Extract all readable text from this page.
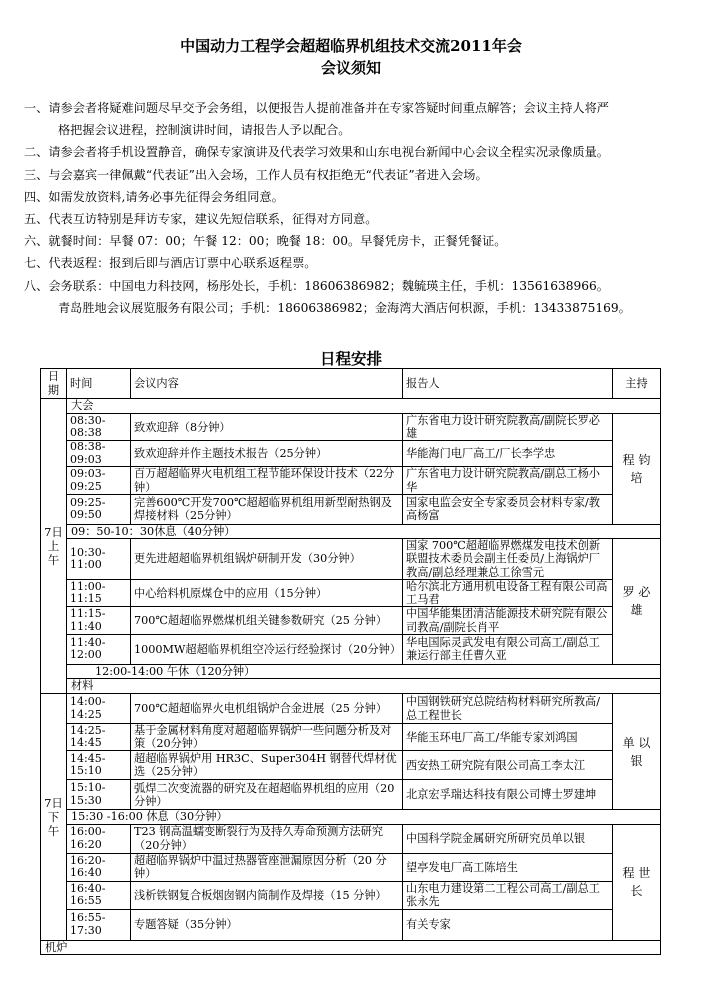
中国动力工程学会超超临界机组技术交流2011年会
会议须知
一、请参会者将疑难问题尽早交予会务组，以便报告人提前准备并在专家答疑时间重点解答；会议主持人将严
格把握会议进程，控制演讲时间，请报告人予以配合。
二、请参会者将手机设置静音，确保专家演讲及代表学习效果和山东电视台新闻中心会议全程实况录像质量。
三、与会嘉宾一律佩戴“代表证”出入会场，工作人员有权拒绝无“代表证”者进入会场。
四、如需发放资料,请务必事先征得会务组同意。
五、代表互访特别是拜访专家，建议先短信联系，征得对方同意。
六、就餐时间：早餐 07：00；午餐 12：00；晚餐 18：00。早餐凭房卡，正餐凭餐证。
七、代表返程：报到后即与酒店订票中心联系返程票。
八、会务联系：中国电力科技网，杨彤处长，手机：18606386982；魏毓瑛主任，手机：13561638966。
青岛胜地会议展览服务有限公司；手机：18606386982；金海湾大酒店何枳源，手机：13433875169。
日程安排
日期	时间	会议内容	报告人	主持
7日上午	大会			
	08:30-08:38	致欢迎辞（8分钟）	广东省电力设计研究院教高/副院长罗必雄	程 钧培
	08:38-09:03	致欢迎辞并作主题技术报告（25分钟）	华能海门电厂高工/厂长李学忠	
	09:03-09:25	百万超超临界火电机组工程节能环保设计技术（22分钟）	广东省电力设计研究院教高/副总工杨小华	
	09:25-09:50	完善600℃开发700℃超超临界机组用新型耐热钢及焊接材料（25分钟）	国家电监会安全专家委员会材料专家/教高杨富	
	09：50-10：30休息（40分钟）			
	10:30-11:00	更先进超超临界机组锅炉研制开发（30分钟）	国家 700℃超超临界燃煤发电技术创新联盟技术委员会副主任委员/上海锅炉厂教高/副总经理兼总工徐雪元	罗 必雄
	11:00-11:15	中心给料机原煤仓中的应用（15分钟）	哈尔滨北方通用机电设备工程有限公司高工马君	
	11:15-11:40	700℃超超临界燃煤机组关键参数研究（25 分钟）	中国华能集团清洁能源技术研究院有限公司教高/副院长肖平	
	11:40-12:00	1000MW超超临界机组空冷运行经验探讨（20分钟）	华电国际灵武发电有限公司高工/副总工兼运行部主任曹久亚	
	12:00-14:00 午休（120分钟）			
	材料			
7日下午	14:00-14:25	700℃超超临界火电机组锅炉合金进展（25 分钟）	中国钢铁研究总院结构材料研究所教高/总工程世长	单 以银
	14:25-14:45	基于金属材料角度对超超临界锅炉一些问题分析及对策（20分钟）	华能玉环电厂高工/华能专家刘鸿国	
	14:45-15:10	超超临界锅炉用 HR3C、Super304H 钢替代焊材优选（25分钟）	西安热工研究院有限公司高工李太江	
	15:10-15:30	弧焊二次变流器的研究及在超超临界机组的应用（20分钟）	北京宏孚瑞达科技有限公司博士罗建坤	
	15:30 -16:00 休息（30分钟）			
	16:00-16:20	T23 钢高温蠕变断裂行为及持久寿命预测方法研究（20分钟）	中国科学院金属研究所研究员单以银	程 世长
	16:20-16:40	超超临界锅炉中温过热器管座泄漏原因分析（20 分钟）	望亭发电厂高工陈培生	
	16:40-16:55	浅析铁钢复合板烟囱钢内筒制作及焊接（15 分钟）	山东电力建设第二工程公司高工/副总工张永先	
	16:55-17:30	专题答疑（35分钟）	有关专家	
机炉				
